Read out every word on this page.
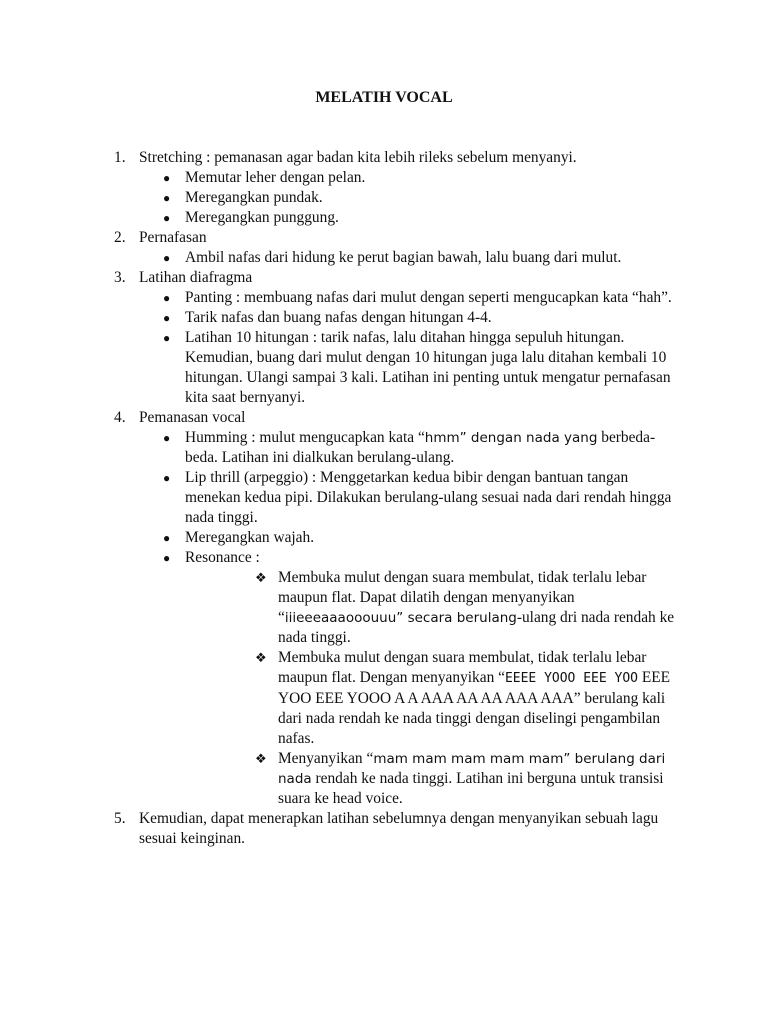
MELATIH VOCAL
1. Stretching : pemanasan agar badan kita lebih rileks sebelum menyanyi.
● Memutar leher dengan pelan.
● Meregangkan pundak.
● Meregangkan punggung.
2. Pernafasan
● Ambil nafas dari hidung ke perut bagian bawah, lalu buang dari mulut.
3. Latihan diafragma
● Panting : membuang nafas dari mulut dengan seperti mengucapkan kata “hah”.
● Tarik nafas dan buang nafas dengan hitungan 4-4.
● Latihan 10 hitungan : tarik nafas, lalu ditahan hingga sepuluh hitungan. Kemudian, buang dari mulut dengan 10 hitungan juga lalu ditahan kembali 10 hitungan. Ulangi sampai 3 kali. Latihan ini penting untuk mengatur pernafasan kita saat bernyanyi.
4. Pemanasan vocal
● Humming : mulut mengucapkan kata “hmm” dengan nada yang berbeda-beda. Latihan ini dialkukan berulang-ulang.
● Lip thrill (arpeggio) : Menggetarkan kedua bibir dengan bantuan tangan menekan kedua pipi. Dilakukan berulang-ulang sesuai nada dari rendah hingga nada tinggi.
● Meregangkan wajah.
● Resonance :
❖ Membuka mulut dengan suara membulat, tidak terlalu lebar maupun flat. Dapat dilatih dengan menyanyikan “iiieeeaaaooouuu” secara berulang-ulang dri nada rendah ke nada tinggi.
❖ Membuka mulut dengan suara membulat, tidak terlalu lebar maupun flat. Dengan menyanyikan “EEEE YOOO EEE YOO EEE YOO EEE YOOO A A AAA AA AA AAA AAA” berulang kali dari nada rendah ke nada tinggi dengan diselingi pengambilan nafas.
❖ Menyanyikan “mam mam mam mam mam” berulang dari nada rendah ke nada tinggi. Latihan ini berguna untuk transisi suara ke head voice.
5. Kemudian, dapat menerapkan latihan sebelumnya dengan menyanyikan sebuah lagu sesuai keinginan.
